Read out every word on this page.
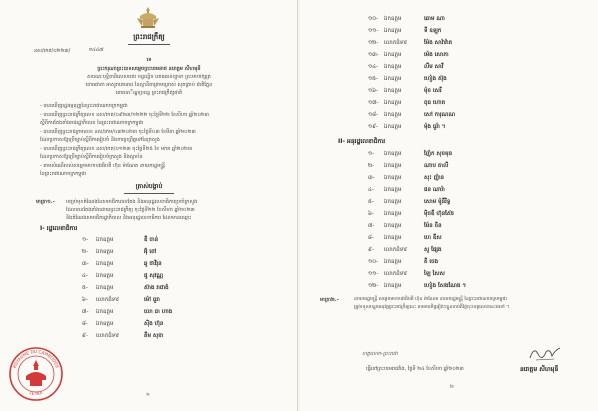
ព្រះរាជក្រឹត្យ
នស/រកត/០២២៣/	១៤៤៧
ទេ
ព្រះករុណាព្រះបាទសម្ដេចព្រះបរមនាថ នរោត្តម សីហមុនី
សារណៈបុទ្ធិតាពិសេសពោរ បព្ទពន្ធិច ពោធធានប្បាទា ព្រះមហាក្សត្រ
ពោធជាតា អាសូរាគោធាព នៃស្ថានីតាគ្រាមន្រោស់ សុតគ្រាប់ ជាតិភ្នែន
ពោធបាឹណ្ឌប្រពន្ធ ព្រះរាជក្រឹត្យជាតិ
- បានឃើញរដ្ឋធម្មនុញ្ញនៃព្រះរាជាណាចក្រកម្ពុជា
- បានឃើញព្រះរាជក្រឹត្យលេខ នស/រកត/០៩២៣/១២២២ ចុះថ្ងៃទី២២ ខែសីហា ឆ្នាំ២០២៣
ស្ដីពីការតែងតាំងរាជរដ្ឋាភិបាល នៃព្រះរាជាណាចក្រកម្ពុជា
- បានឃើញព្រះរាជក្រមលេខ នស/រកម/០៣២០២៣ ចុះថ្ងៃទី០៣ ខែមីនា ឆ្នាំ២០២៣
ដែលប្រកាសឱ្យប្រើច្បាប់ស្ដីពីការរៀបចំ និងការប្រព្រឹត្តទៅនៃក្រសួង
- បានឃើញព្រះរាជក្រឹត្យលេខ នស/រកត/០១២៣ ចុះថ្ងៃទី២៥ ខែ មករា ឆ្នាំ២០២៣
ដែលប្រកាសឱ្យប្រើច្បាប់ស្ដីពីការរៀបចំក្រសួង និងស្ថាប័ន
- តាមសំណើរបស់សម្ដេចមហាបវរធិបតី ហ៊ុន ម៉ាណែត នាយករដ្ឋមន្ត្រី
នៃព្រះរាជាណាចក្រកម្ពុជា
ត្រាស់បង្គាប់
មាត្រា១.- បញ្ចប់មុខតំណែងនៃសមាជិកពេលតែង និងអនុរដ្ឋលេខាធិការប្រចាំក្រសួង
ដែលបានតែងតាំងដោយព្រះរាជក្រឹត្យ ចុះថ្ងៃទី២២ ខែសីហា ឆ្នាំ២០២៣
និងតំណែងសមាជិករដ្ឋាភិបាល និងអនុរដ្ឋលេខាធិការ ដែលមានឈ្មោះ
I- រដ្ឋលេខាធិការ
១- ឯកឧត្តម	ឌី ចាន់
២- ឯកឧត្តម	អ៊ុំ ពៅ
៣- ឯកឧត្តម	ឆូ ថាវីរុន
៤- ឯកឧត្តម	ផូ សុវណ្ណ
៥- ឯកឧត្តម	ស៊ាង រាជាងំ
៦- លោកជំទាវ	ម៉ៅ ធួរា
៧- ឯកឧត្តម	លោ ធា ហាង
៨- ឯកឧត្តម	ស៊ិង ហ៊ុន
៩- លោកជំទាវ	គឹម សុខា
ROYAUME DU CAMBODGE
LE ROI	១
១០- ឯកឧត្តម	ឆោម ណា
១១- ឯកឧត្តម	ទី ឧឡុក
១២- លោកជំទាវ	ម៉ែង សាវ៉ាវ៉ាត
១៣- ឯកឧត្តម	ម៉េង សោភា
១៤- ឯកឧត្តម	លឹម សាវី
១៥- ឯកឧត្តម	ហៀង ស៊ុង
១៦- ឯកឧត្តម	ម៉ុខ សេរី
១៧- ឯកឧត្តម	ពុធ ហោត
១៨- ឯកឧត្តម	សៅ ការុណណ
១៩- ឯកឧត្តម	ម៉ុង ធួរ៉ា ។
II- អនុរដ្ឋលេខាធិការ
១- ឯកឧត្តម	ញ៉ែក សុខមុន
២- ឯកឧត្តម	ណាប គាលី
៣- ឯកឧត្តម	សុះ ញ៉ាន
៤- ឯកឧត្តម	ផន ណារ៉ា
៥- ឯកឧត្តម	សោម ម៉ូនីរិទ្ធ
៦- ឯកឧត្តម	ម៉ិចឌី ហ៊ុនស៊ែរ
៧- ឯកឧត្តម	ម៉ែន ចិន
៨- ឯកឧត្តម	ហេ ឌីស
៩- លោកជំទាវ	សូ ផ្សែង
១០- ឯកឧត្តម	គី ចេង
១១- លោកជំទាវ	ឡៃ សៃស
១២- ឯកឧត្តម	ហៀង សែងណែង ។
មាត្រា២.-	នាយករដ្ឋមន្ត្រី សម្ដេចមហាបវរធិបតី ហ៊ុន ម៉ាណែត នាយករដ្ឋមន្ត្រី នៃព្រះរាជាណាចក្រកម្ពុជា
ត្រូវទទួលបន្ទុកអនុវត្តព្រះរាជក្រឹត្យនេះ តាមភារកិច្ចរៀងៗខ្លួនចាប់ពីថ្ងៃចុះហត្ថលេខានេះតទៅ ។
ហត្ថលេខា-ព្រះរាជា
ធ្វើនៅព្រះបរមរាជវាំង, ថ្ងៃទី ២៤ ខែសីហា ឆ្នាំ២០២៣	នរោត្តម សីហមុនី
២
